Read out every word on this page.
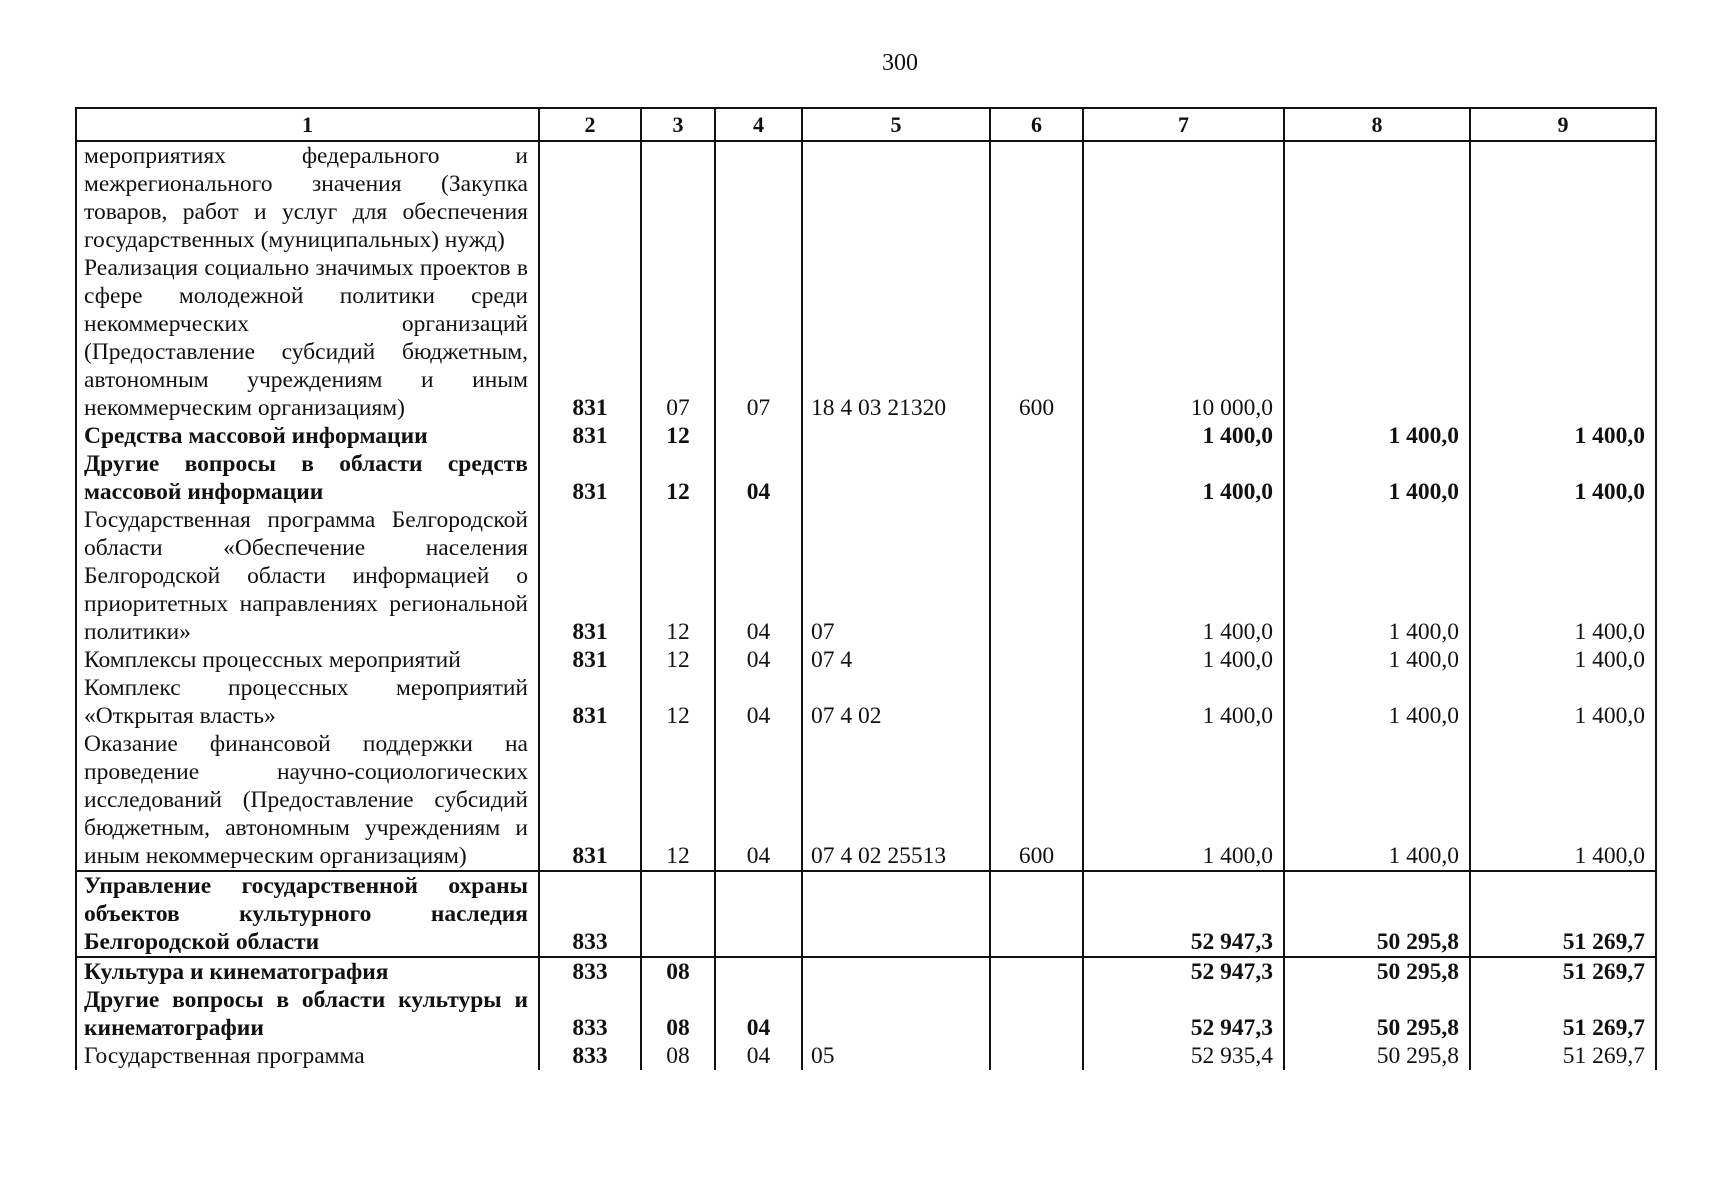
300
1	2	3	4	5	6	7	8	9
мероприятиях федерального и межрегионального значения (Закупка товаров, работ и услуг для обеспечения государственных (муниципальных) нужд)								
Реализация социально значимых проектов в сфере молодежной политики среди некоммерческих организаций (Предоставление субсидий бюджетным, автономным учреждениям и иным некоммерческим организациям)	831	07	07	18 4 03 21320	600	10 000,0		
Средства массовой информации	831	12				1 400,0	1 400,0	1 400,0
Другие вопросы в области средств массовой информации	831	12	04			1 400,0	1 400,0	1 400,0
Государственная программа Белгородской области «Обеспечение населения Белгородской области информацией о приоритетных направлениях региональной политики»	831	12	04	07		1 400,0	1 400,0	1 400,0
Комплексы процессных мероприятий	831	12	04	07 4		1 400,0	1 400,0	1 400,0
Комплекс процессных мероприятий «Открытая власть»	831	12	04	07 4 02		1 400,0	1 400,0	1 400,0
Оказание финансовой поддержки на проведение научно-социологических исследований (Предоставление субсидий бюджетным, автономным учреждениям и иным некоммерческим организациям)	831	12	04	07 4 02 25513	600	1 400,0	1 400,0	1 400,0
Управление государственной охраны объектов культурного наследия Белгородской области	833					52 947,3	50 295,8	51 269,7
Культура и кинематография	833	08				52 947,3	50 295,8	51 269,7
Другие вопросы в области культуры и кинематографии	833	08	04			52 947,3	50 295,8	51 269,7
Государственная программа	833	08	04	05		52 935,4	50 295,8	51 269,7
